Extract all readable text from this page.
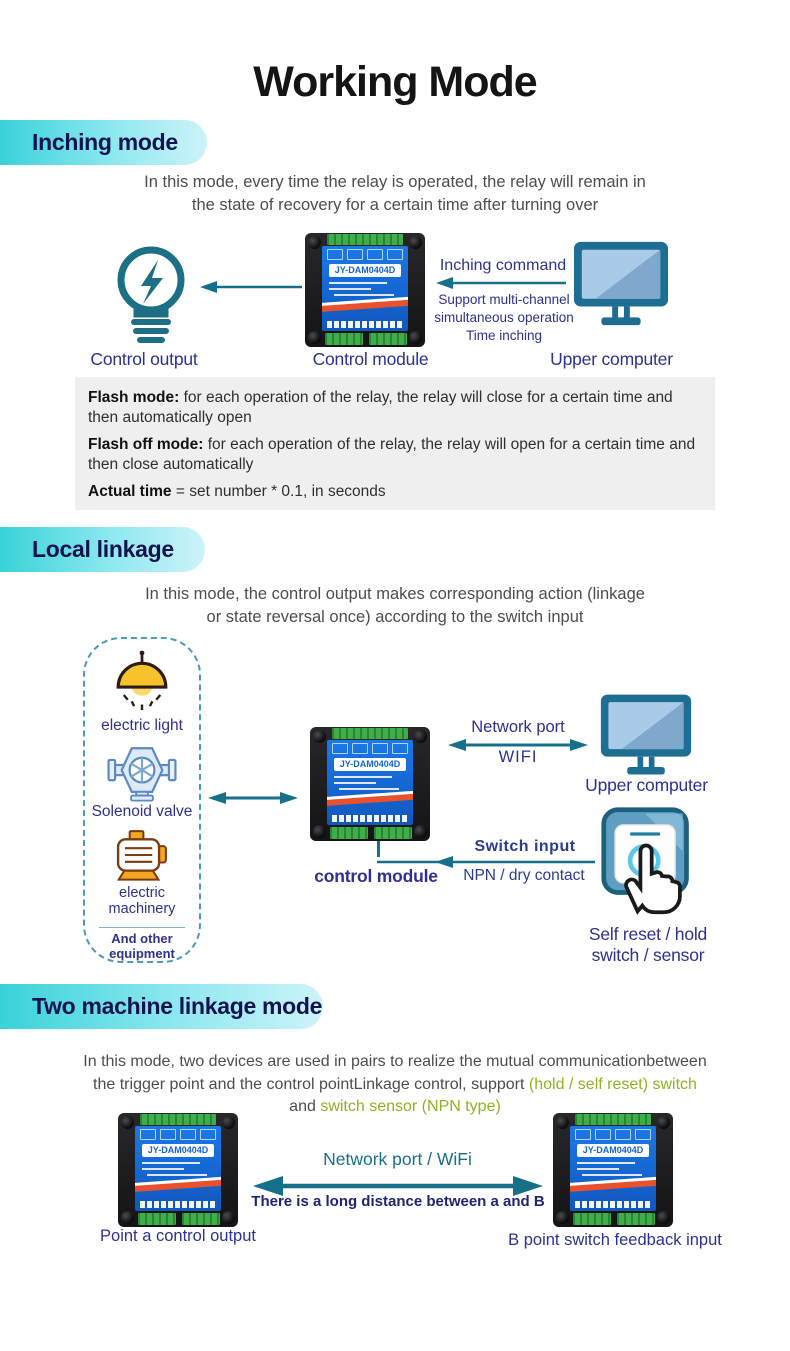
Working Mode
Inching mode
In this mode, every time the relay is operated, the relay will remain in
the state of recovery for a certain time after turning over
JY-DAM0404D	Inching command
Support multi-channel
simultaneous operation
Time inching
Control output	Control module	Upper computer

Flash mode: for each operation of the relay, the relay will close for a certain time and then automatically open

Flash off mode: for each operation of the relay, the relay will open for a certain time and then close automatically

Actual time = set number * 0.1, in seconds

Local linkage
In this mode, the control output makes corresponding action (linkage
or state reversal once) according to the switch input
electric light
Solenoid valve
electric machinery
And other equipment
JY-DAM0404D
control module
Network port
WIFI
Upper computer
Switch input
NPN / dry contact
Self reset / hold
switch / sensor
Two machine linkage mode
In this mode, two devices are used in pairs to realize the mutual communicationbetween
the trigger point and the control pointLinkage control, support (hold / self reset) switch
and switch sensor (NPN type)
JY-DAM0404D	JY-DAM0404D
Network port / WiFi
There is a long distance between a and B
Point a control output	B point switch feedback input
